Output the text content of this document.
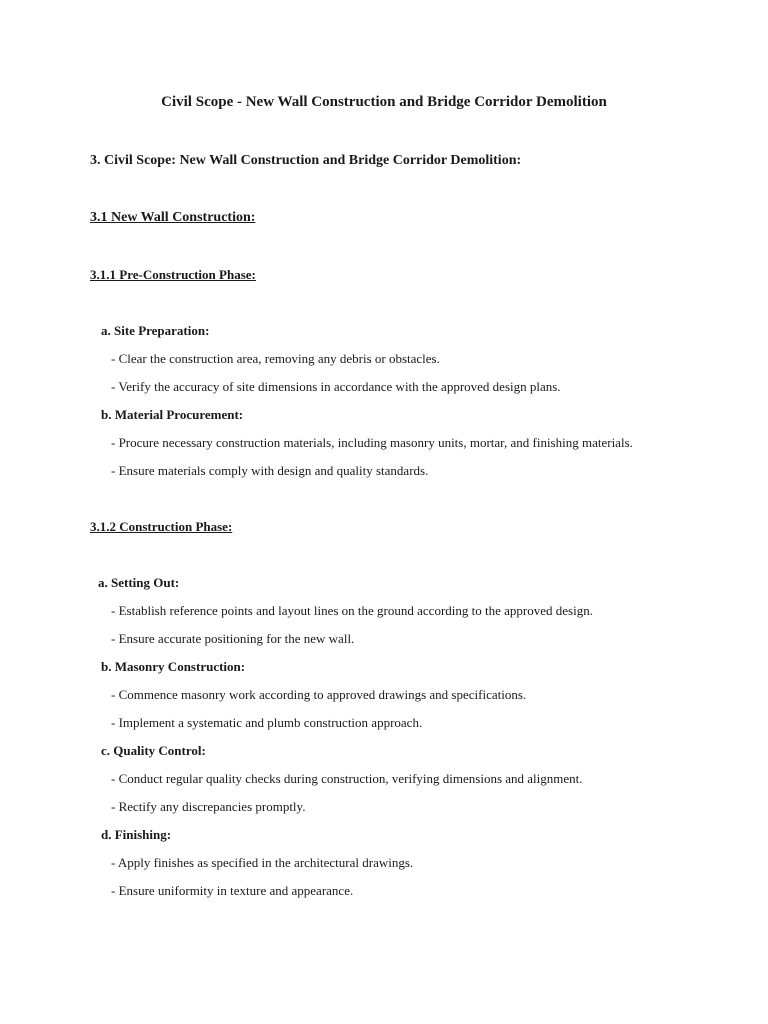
Civil Scope - New Wall Construction and Bridge Corridor Demolition
3. Civil Scope: New Wall Construction and Bridge Corridor Demolition:
3.1 New Wall Construction:
3.1.1 Pre-Construction Phase:
a. Site Preparation:
- Clear the construction area, removing any debris or obstacles.
- Verify the accuracy of site dimensions in accordance with the approved design plans.
b. Material Procurement:
- Procure necessary construction materials, including masonry units, mortar, and finishing materials.
- Ensure materials comply with design and quality standards.
3.1.2 Construction Phase:
a. Setting Out:
- Establish reference points and layout lines on the ground according to the approved design.
- Ensure accurate positioning for the new wall.
b. Masonry Construction:
- Commence masonry work according to approved drawings and specifications.
- Implement a systematic and plumb construction approach.
c. Quality Control:
- Conduct regular quality checks during construction, verifying dimensions and alignment.
- Rectify any discrepancies promptly.
d. Finishing:
- Apply finishes as specified in the architectural drawings.
- Ensure uniformity in texture and appearance.
